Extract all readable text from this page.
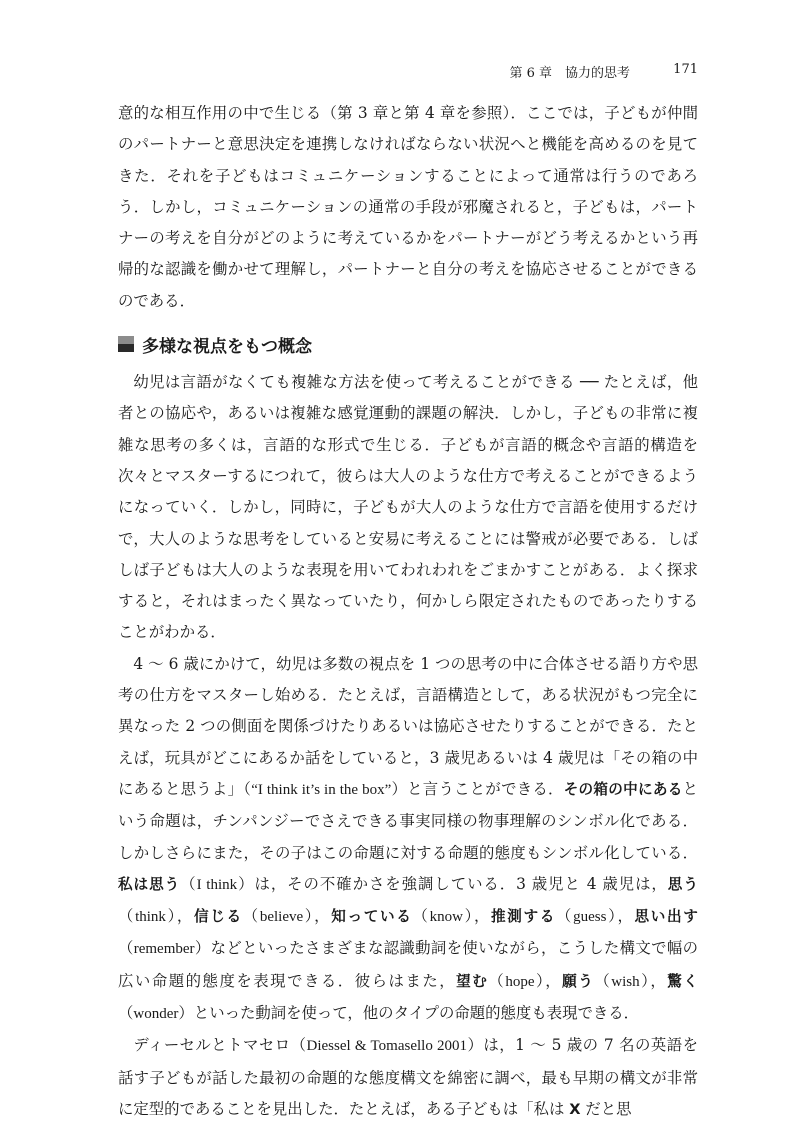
第 6 章　協力的思考	171

意的な相互作用の中で生じる（第 3 章と第 4 章を参照）．ここでは，子どもが仲間のパートナーと意思決定を連携しなければならない状況へと機能を高めるのを見てきた．それを子どもはコミュニケーションすることによって通常は行うのであろう．しかし，コミュニケーションの通常の手段が邪魔されると，子どもは，パートナーの考えを自分がどのように考えているかをパートナーがどう考えるかという再帰的な認識を働かせて理解し，パートナーと自分の考えを協応させることができるのである．

多様な視点をもつ概念

幼児は言語がなくても複雑な方法を使って考えることができる ── たとえば，他者との協応や，あるいは複雑な感覚運動的課題の解決．しかし，子どもの非常に複雑な思考の多くは，言語的な形式で生じる．子どもが言語的概念や言語的構造を次々とマスターするにつれて，彼らは大人のような仕方で考えることができるようになっていく．しかし，同時に，子どもが大人のような仕方で言語を使用するだけで，大人のような思考をしていると安易に考えることには警戒が必要である．しばしば子どもは大人のような表現を用いてわれわれをごまかすことがある．よく探求すると，それはまったく異なっていたり，何かしら限定されたものであったりすることがわかる．

4 〜 6 歳にかけて，幼児は多数の視点を 1 つの思考の中に合体させる語り方や思考の仕方をマスターし始める．たとえば，言語構造として，ある状況がもつ完全に異なった 2 つの側面を関係づけたりあるいは協応させたりすることができる．たとえば，玩具がどこにあるか話をしていると，3 歳児あるいは 4 歳児は「その箱の中にあると思うよ」（“I think it’s in the box”）と言うことができる．その箱の中にあるという命題は，チンパンジーでさえできる事実同様の物事理解のシンボル化である．しかしさらにまた，その子はこの命題に対する命題的態度もシンボル化している．私は思う（I think）は，その不確かさを強調している．3 歳児と 4 歳児は，思う（think），信じる（believe），知っている（know），推測する（guess），思い出す（remember）などといったさまざまな認識動詞を使いながら，こうした構文で幅の広い命題的態度を表現できる．彼らはまた，望む（hope），願う（wish），驚く（wonder）といった動詞を使って，他のタイプの命題的態度も表現できる．

ディーセルとトマセロ（Diessel & Tomasello 2001）は，1 〜 5 歳の 7 名の英語を話す子どもが話した最初の命題的な態度構文を綿密に調べ，最も早期の構文が非常に定型的であることを見出した．たとえば，ある子どもは「私は X だと思
